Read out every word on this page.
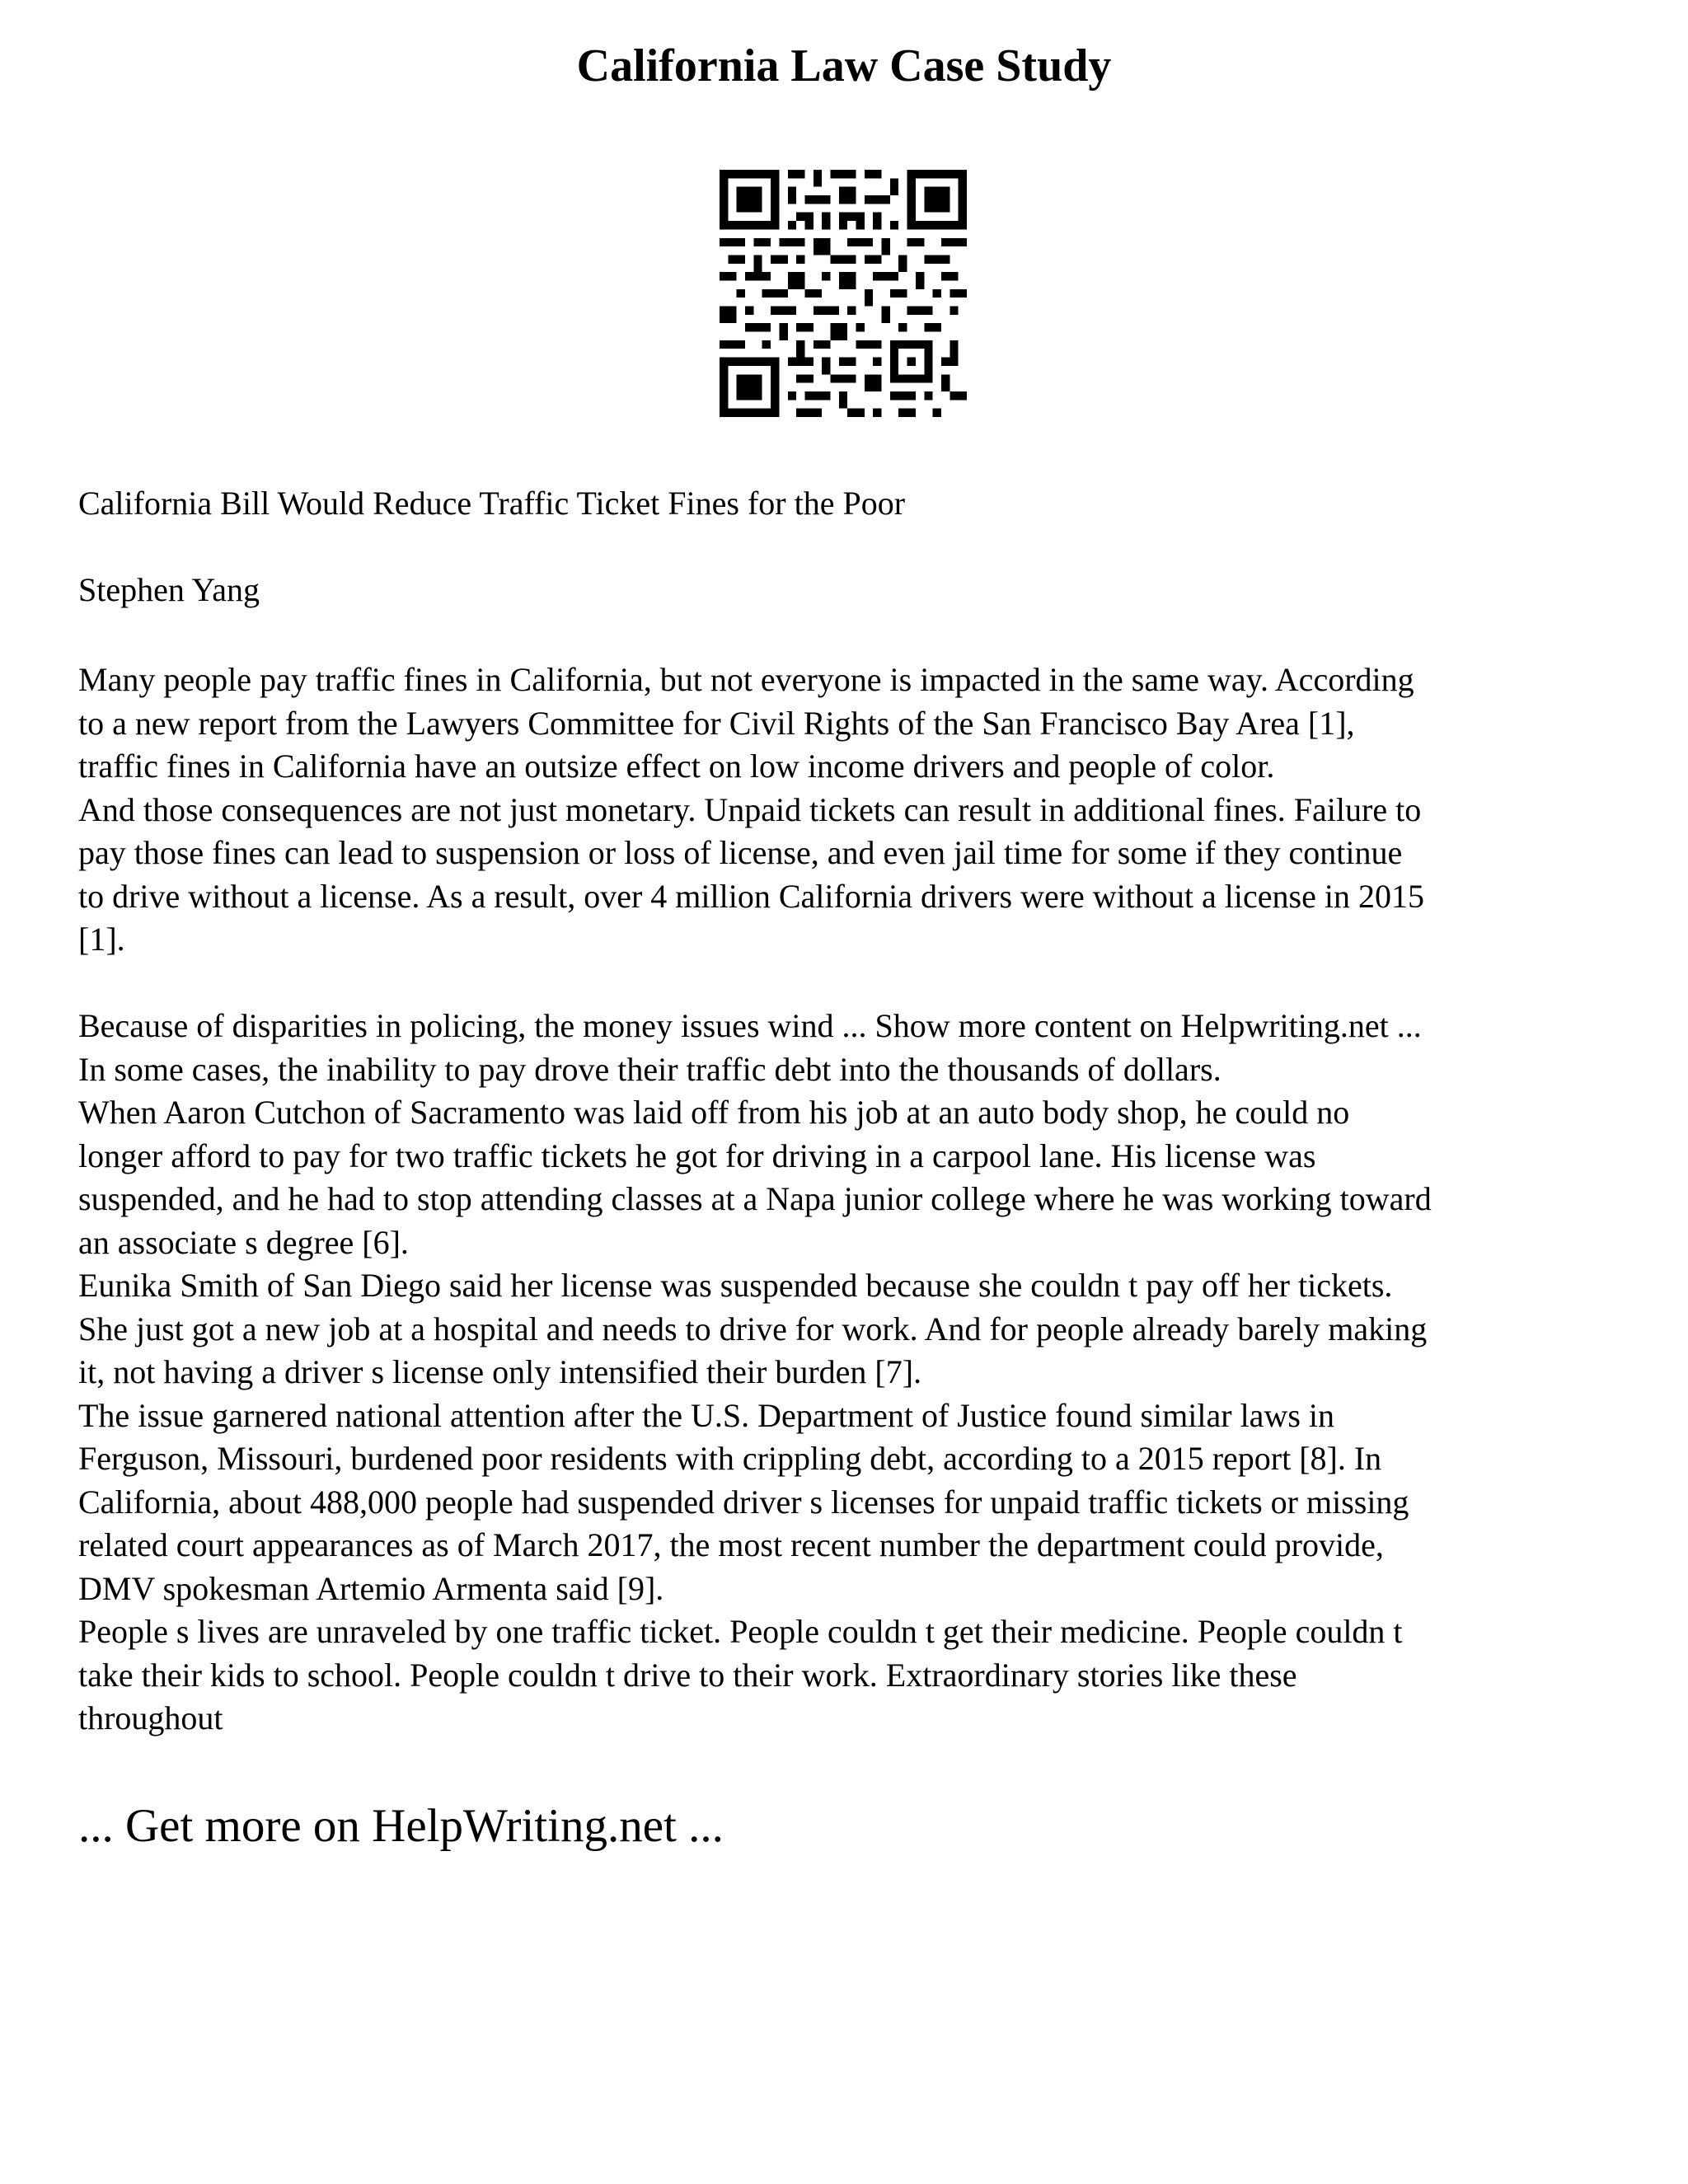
California Law Case Study
California Bill Would Reduce Traffic Ticket Fines for the Poor
Stephen Yang
Many people pay traffic fines in California, but not everyone is impacted in the same way. According
to a new report from the Lawyers Committee for Civil Rights of the San Francisco Bay Area [1],
traffic fines in California have an outsize effect on low income drivers and people of color.
And those consequences are not just monetary. Unpaid tickets can result in additional fines. Failure to
pay those fines can lead to suspension or loss of license, and even jail time for some if they continue
to drive without a license. As a result, over 4 million California drivers were without a license in 2015
[1].
Because of disparities in policing, the money issues wind ... Show more content on Helpwriting.net ...
In some cases, the inability to pay drove their traffic debt into the thousands of dollars.
When Aaron Cutchon of Sacramento was laid off from his job at an auto body shop, he could no
longer afford to pay for two traffic tickets he got for driving in a carpool lane. His license was
suspended, and he had to stop attending classes at a Napa junior college where he was working toward
an associate s degree [6].
Eunika Smith of San Diego said her license was suspended because she couldn t pay off her tickets.
She just got a new job at a hospital and needs to drive for work. And for people already barely making
it, not having a driver s license only intensified their burden [7].
The issue garnered national attention after the U.S. Department of Justice found similar laws in
Ferguson, Missouri, burdened poor residents with crippling debt, according to a 2015 report [8]. In
California, about 488,000 people had suspended driver s licenses for unpaid traffic tickets or missing
related court appearances as of March 2017, the most recent number the department could provide,
DMV spokesman Artemio Armenta said [9].
People s lives are unraveled by one traffic ticket. People couldn t get their medicine. People couldn t
take their kids to school. People couldn t drive to their work. Extraordinary stories like these
throughout
... Get more on HelpWriting.net ...
